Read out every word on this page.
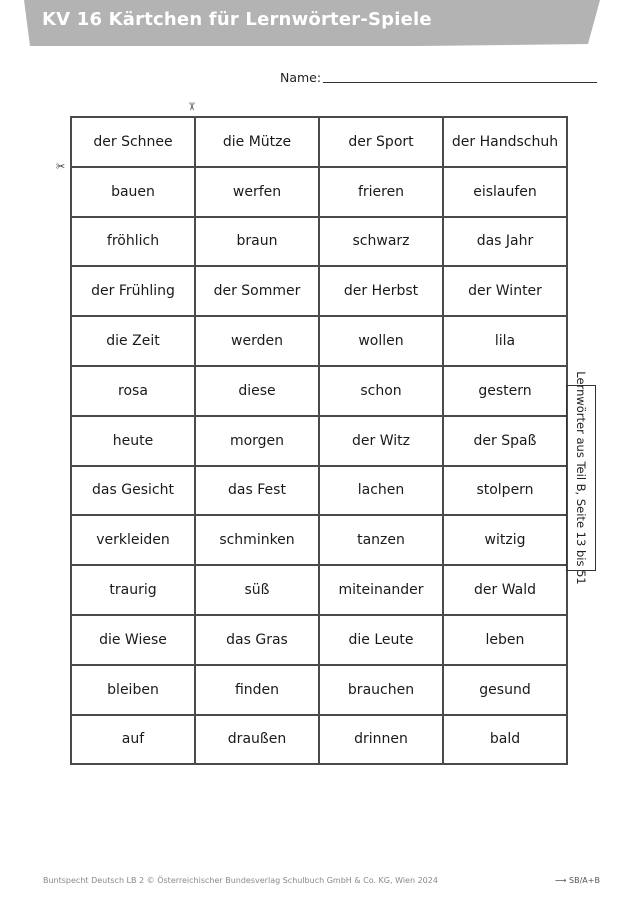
KV 16 Kärtchen für Lernwörter-Spiele
Name:
✂
✂
der Schnee	die Mütze	der Sport	der Handschuh
bauen	werfen	frieren	eislaufen
fröhlich	braun	schwarz	das Jahr
der Frühling	der Sommer	der Herbst	der Winter
die Zeit	werden	wollen	lila
rosa	diese	schon	gestern
heute	morgen	der Witz	der Spaß
das Gesicht	das Fest	lachen	stolpern
verkleiden	schminken	tanzen	witzig
traurig	süß	miteinander	der Wald
die Wiese	das Gras	die Leute	leben
bleiben	finden	brauchen	gesund
auf	draußen	drinnen	bald
Lernwörter aus Teil B, Seite 13 bis 51
Buntspecht Deutsch LB 2 © Österreichischer Bundesverlag Schulbuch GmbH & Co. KG, Wien 2024	⟶ SB/A+B
